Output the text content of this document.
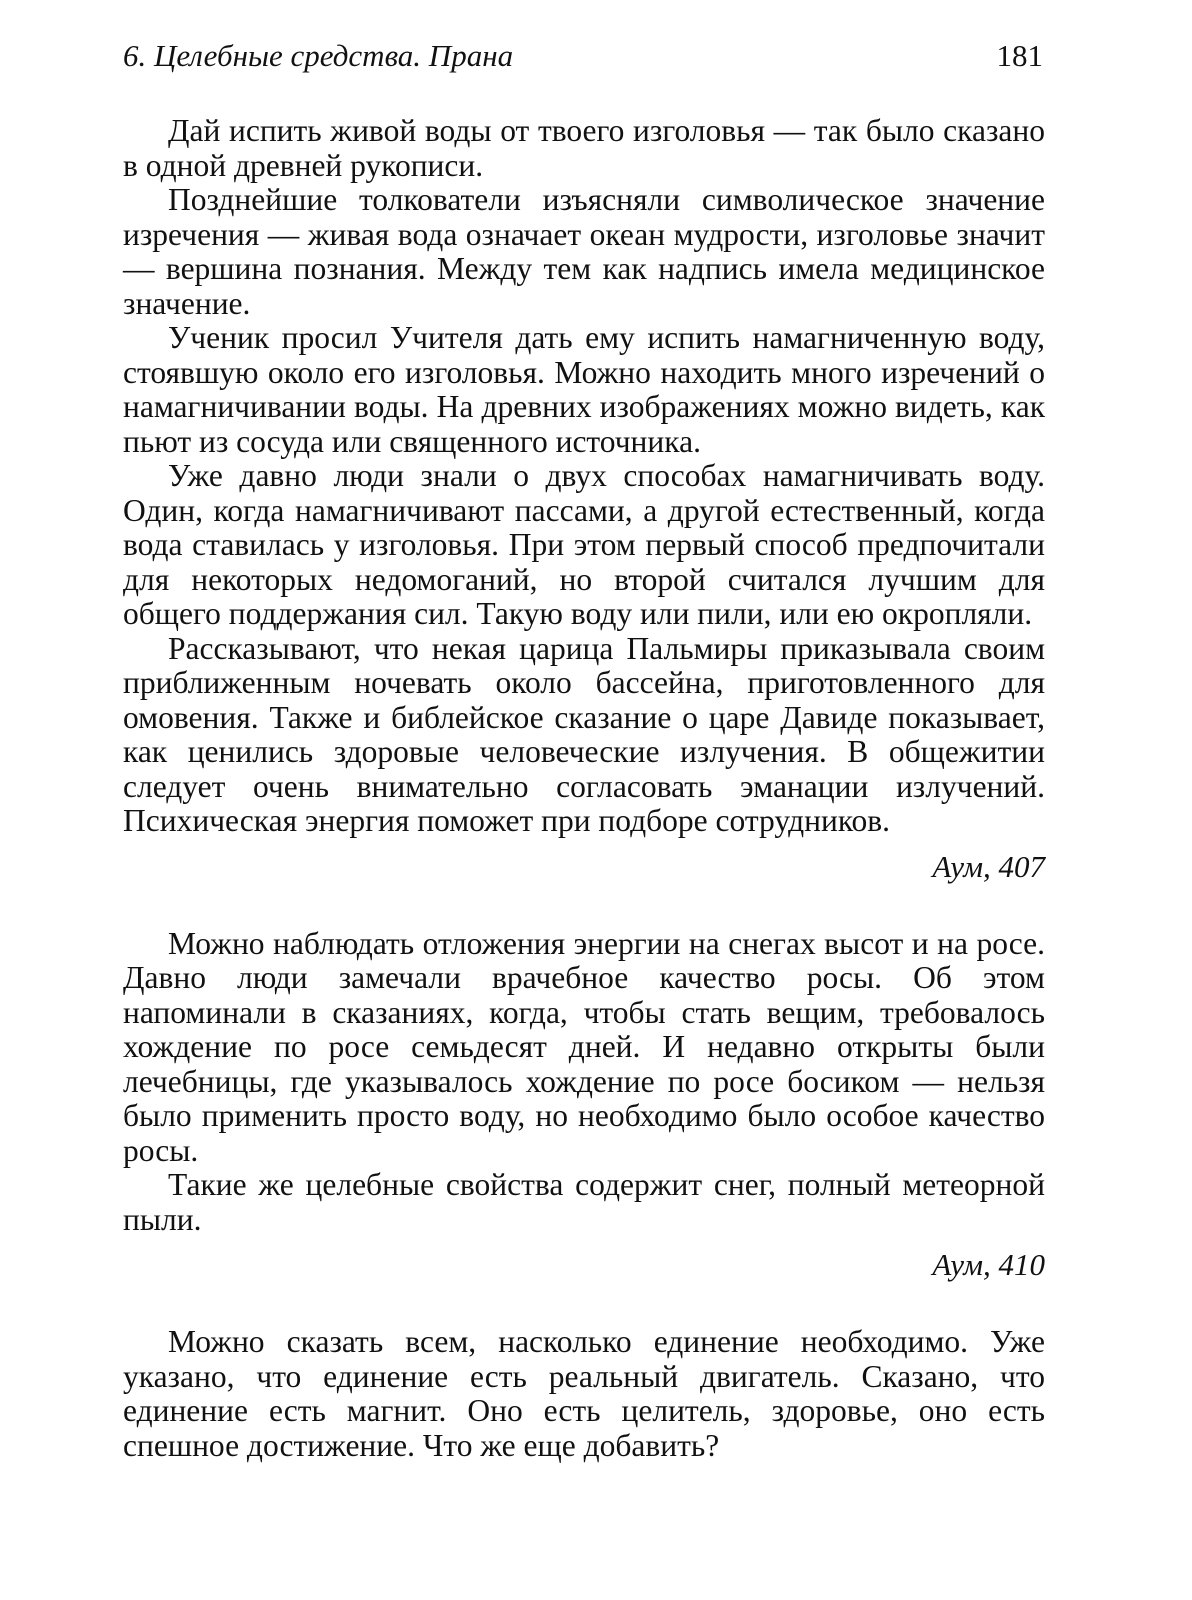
6. Целебные средства. Прана	181

Дай испить живой воды от твоего изголовья — так было сказано в одной древней рукописи.

Позднейшие толкователи изъясняли символическое значение изречения — живая вода означает океан мудрости, изголовье значит — вершина познания. Между тем как надпись имела медицинское значение.

Ученик просил Учителя дать ему испить намагниченную воду, стоявшую около его изголовья. Можно находить много изречений о намагничивании воды. На древних изображениях можно видеть, как пьют из сосуда или священного источника.

Уже давно люди знали о двух способах намагничивать воду. Один, когда намагничивают пассами, а другой естественный, когда вода ставилась у изголовья. При этом первый способ предпочитали для некоторых недомоганий, но второй считался лучшим для общего поддержания сил. Такую воду или пили, или ею окропляли.

Рассказывают, что некая царица Пальмиры приказывала своим приближенным ночевать около бассейна, приготовленного для омовения. Также и библейское сказание о царе Давиде показывает, как ценились здоровые человеческие излучения. В общежитии следует очень внимательно согласовать эманации излучений. Психическая энергия поможет при подборе сотрудников.

Аум, 407

Можно наблюдать отложения энергии на снегах высот и на росе. Давно люди замечали врачебное качество росы. Об этом напоминали в сказаниях, когда, чтобы стать вещим, требовалось хождение по росе семьдесят дней. И недавно открыты были лечебницы, где указывалось хождение по росе босиком — нельзя было применить просто воду, но необходимо было особое качество росы.

Такие же целебные свойства содержит снег, полный метеорной пыли.

Аум, 410

Можно сказать всем, насколько единение необходимо. Уже указано, что единение есть реальный двигатель. Сказано, что единение есть магнит. Оно есть целитель, здоровье, оно есть спешное достижение. Что же еще добавить?
